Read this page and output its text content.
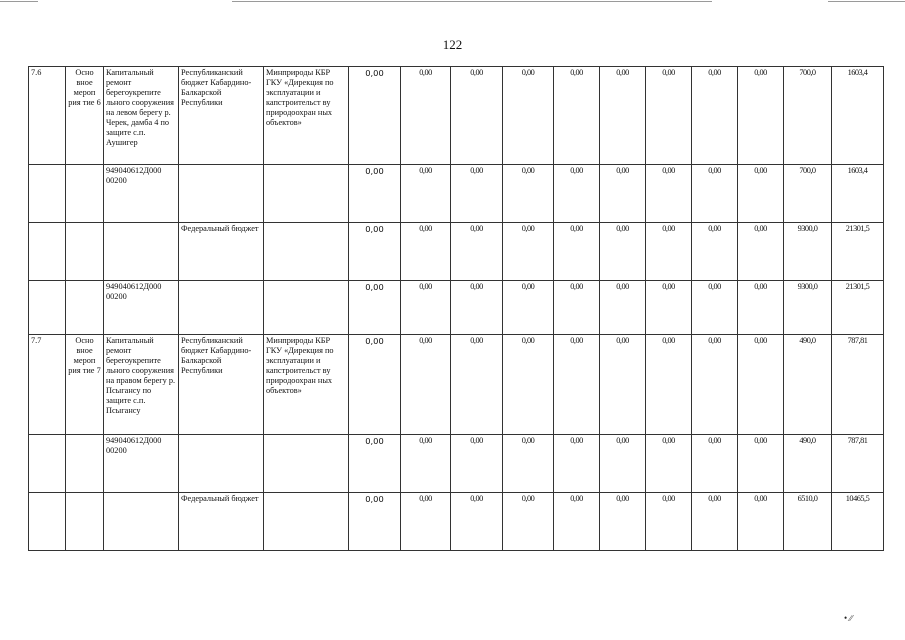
122
7.6	Осно вное мероп рия тие 6	Капитальный ремонт берегоукрепите льного сооружения на левом берегу р. Черек, дамба 4 по защите с.п. Аушигер	Республиканский бюджет Кабардино-Балкарской Республики	Минприроды КБР ГКУ «Дирекция по эксплуатации и капстроительст ву природоохран ных объектов»	0,00	0,00	0,00	0,00	0,00	0,00	0,00	0,00	0,00	700,0	1603,4
		949040612Д000 00200			0,00	0,00	0,00	0,00	0,00	0,00	0,00	0,00	0,00	700,0	1603,4
			Федеральный бюджет		0,00	0,00	0,00	0,00	0,00	0,00	0,00	0,00	0,00	9300,0	21301,5
		949040612Д000 00200			0,00	0,00	0,00	0,00	0,00	0,00	0,00	0,00	0,00	9300,0	21301,5
7.7	Осно вное мероп рия тие 7	Капитальный ремонт берегоукрепите льного сооружения на правом берегу р. Псыгансу по защите с.п. Псыгансу	Республиканский бюджет Кабардино-Балкарской Республики	Минприроды КБР ГКУ «Дирекция по эксплуатации и капстроительст ву природоохран ных объектов»	0,00	0,00	0,00	0,00	0,00	0,00	0,00	0,00	0,00	490,0	787,81
		949040612Д000 00200			0,00	0,00	0,00	0,00	0,00	0,00	0,00	0,00	0,00	490,0	787,81
			Федеральный бюджет		0,00	0,00	0,00	0,00	0,00	0,00	0,00	0,00	0,00	6510,0	10465,5
• ∕∕
